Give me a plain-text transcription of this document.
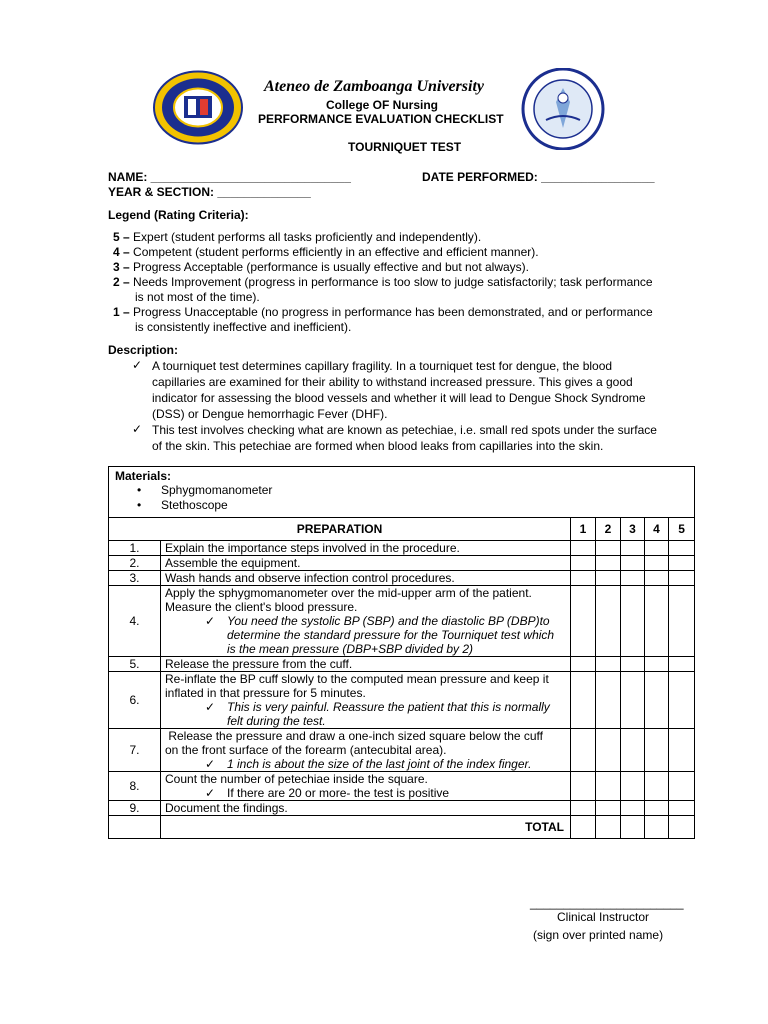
Ateneo de Zamboanga University
College OF Nursing
PERFORMANCE EVALUATION CHECKLIST
TOURNIQUET TEST
NAME: ______________________________	DATE PERFORMED: _________________
YEAR & SECTION: ______________
Legend (Rating Criteria):
5 – Expert (student performs all tasks proficiently and independently).
4 – Competent (student performs efficiently in an effective and efficient manner).
3 – Progress Acceptable (performance is usually effective and but not always).
2 – Needs Improvement (progress in performance is too slow to judge satisfactorily; task performance
is not most of the time).
1 – Progress Unacceptable (no progress in performance has been demonstrated, and or performance
is consistently ineffective and inefficient).
Description:
✓ A tourniquet test determines capillary fragility. In a tourniquet test for dengue, the blood
capillaries are examined for their ability to withstand increased pressure. This gives a good
indicator for assessing the blood vessels and whether it will lead to Dengue Shock Syndrome
(DSS) or Dengue hemorrhagic Fever (DHF).
✓ This test involves checking what are known as petechiae, i.e. small red spots under the surface
of the skin. This petechiae are formed when blood leaks from capillaries into the skin.
Materials:
• Sphygmomanometer
• Stethoscope						

PREPARATION		1	2	3	4	5
1.	Explain the importance steps involved in the procedure.					

2.	Assemble the equipment.					

3.	Wash hands and observe infection control procedures.					

4.	Apply the sphygmomanometer over the mid-upper arm of the patient.
Measure the client's blood pressure.
✓ You need the systolic BP (SBP) and the diastolic BP (DBP)to
determine the standard pressure for the Tourniquet test which
is the mean pressure (DBP+SBP divided by 2)					

5.	Release the pressure from the cuff.					

6.	Re-inflate the BP cuff slowly to the computed mean pressure and keep it
inflated in that pressure for 5 minutes.
✓ This is very painful. Reassure the patient that this is normally
felt during the test.					

7.	Release the pressure and draw a one-inch sized square below the cuff
on the front surface of the forearm (antecubital area).
✓ 1 inch is about the size of the last joint of the index finger.					

8.	Count the number of petechiae inside the square.
✓ If there are 20 or more- the test is positive					

9.	Document the findings.					

	TOTAL					
_______________________
Clinical Instructor
(sign over printed name)
